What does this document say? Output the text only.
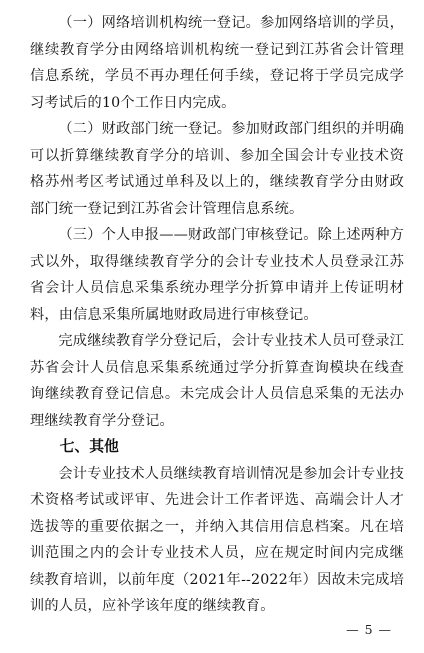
（一）网络培训机构统一登记。参加网络培训的学员，继续教育学分由网络培训机构统一登记到江苏省会计管理信息系统，学员不再办理任何手续，登记将于学员完成学习考试后的10个工作日内完成。

（二）财政部门统一登记。参加财政部门组织的并明确可以折算继续教育学分的培训、参加全国会计专业技术资格苏州考区考试通过单科及以上的，继续教育学分由财政部门统一登记到江苏省会计管理信息系统。

（三）个人申报——财政部门审核登记。除上述两种方式以外，取得继续教育学分的会计专业技术人员登录江苏省会计人员信息采集系统办理学分折算申请并上传证明材料，由信息采集所属地财政局进行审核登记。

完成继续教育学分登记后，会计专业技术人员可登录江苏省会计人员信息采集系统通过学分折算查询模块在线查询继续教育登记信息。未完成会计人员信息采集的无法办理继续教育学分登记。

七、其他

会计专业技术人员继续教育培训情况是参加会计专业技术资格考试或评审、先进会计工作者评选、高端会计人才选拔等的重要依据之一，并纳入其信用信息档案。凡在培训范围之内的会计专业技术人员，应在规定时间内完成继续教育培训，以前年度（2021年--2022年）因故未完成培训的人员，应补学该年度的继续教育。

— 5 —
